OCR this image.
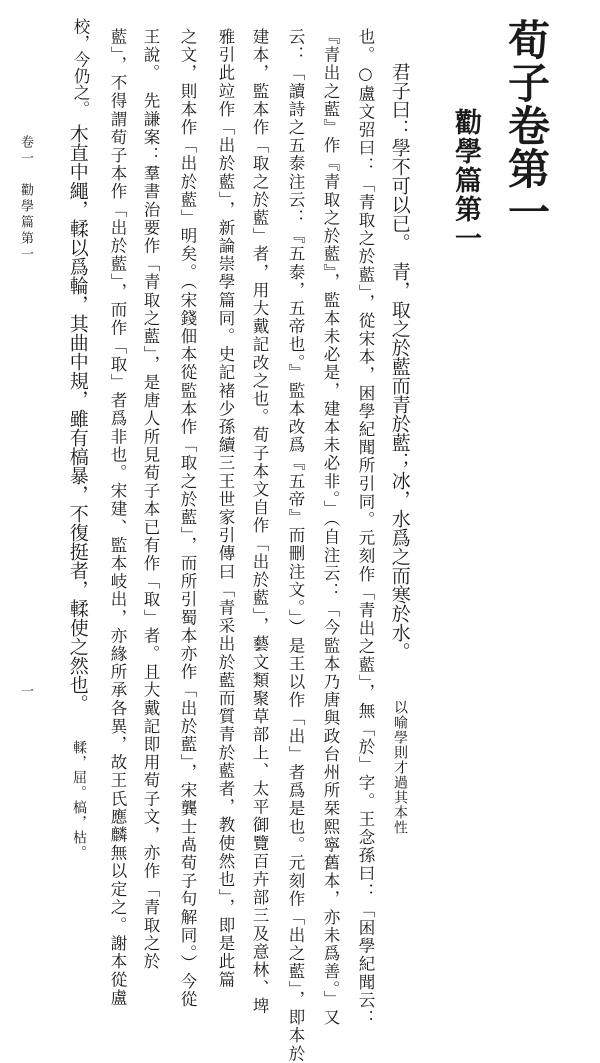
荀子卷第一
勸學篇第一
君子曰：學不可以已。青，取之於藍而青於藍；冰，水爲之而寒於水。
以喻學則才過其本性
也。○盧文弨曰：「青取之於藍」，從宋本，困學紀聞所引同。元刻作「青出之藍」，無「於」字。王念孫曰：「困學紀聞云：
『青出之藍』作『青取之於藍』，監本未必是，建本未必非。」（自注云：「今監本乃唐與政台州所栞熙寧舊本，亦未爲善。」又
云：「讀詩之五泰注云：『五泰，五帝也。』監本改爲『五帝』而刪注文。」）是王以作「出」者爲是也。元刻作「出之藍」，即本於
建本，監本作「取之於藍」者，用大戴記改之也。荀子本文自作「出於藍」，藝文類聚草部上、太平御覽百卉部三及意林、埤
雅引此竝作「出於藍」，新論崇學篇同。史記褚少孫續三王世家引傳曰「青采出於藍而質青於藍者，教使然也」，即是此篇
之文，則本作「出於藍」明矣。（宋錢佃本從監本作「取之於藍」，而所引蜀本亦作「出於藍」，宋龔士卨荀子句解同。）今從
王說。　先謙案：羣書治要作「青取之藍」，是唐人所見荀子本已有作「取」者。且大戴記即用荀子文，亦作「青取之於
藍」，不得謂荀子本作「出於藍」，而作「取」者爲非也。宋建、監本岐出，亦緣所承各異，故王氏應麟無以定之。謝本從盧
校，今仍之。
木直中繩，輮以爲輪，其曲中規，雖有槁暴，不復挺者，輮使之然也。
輮，屈。槁，枯。
卷一　勸學篇第一
一
